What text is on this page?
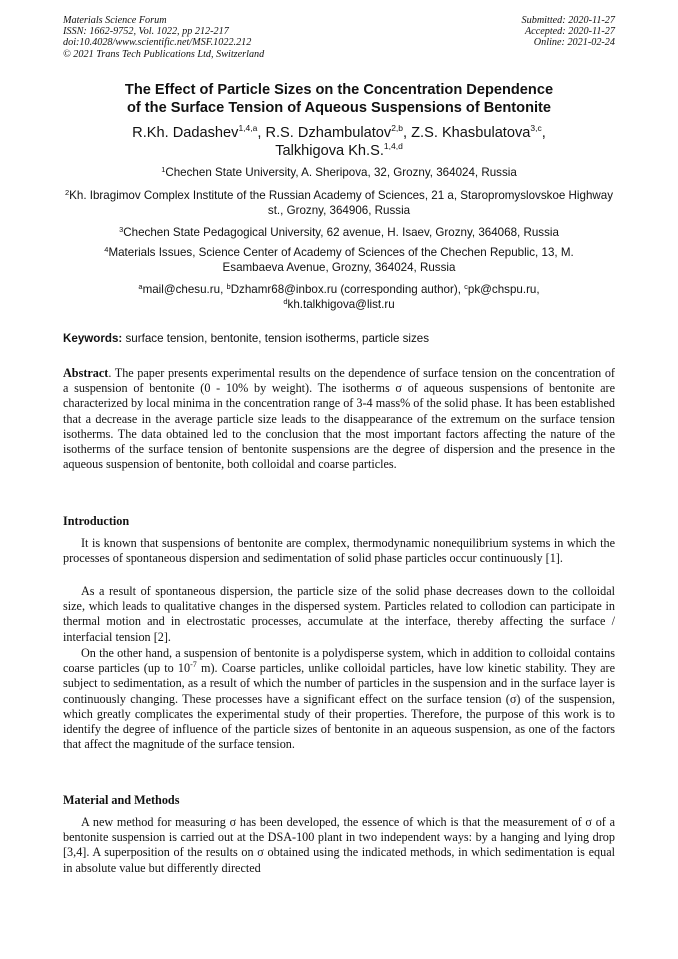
Materials Science Forum
ISSN: 1662-9752, Vol. 1022, pp 212-217
doi:10.4028/www.scientific.net/MSF.1022.212
© 2021 Trans Tech Publications Ltd, Switzerland
Submitted: 2020-11-27
Accepted: 2020-11-27
Online: 2021-02-24
The Effect of Particle Sizes on the Concentration Dependence
of the Surface Tension of Aqueous Suspensions of Bentonite
R.Kh. Dadashev$^{1,4,a}$, R.S. Dzhambulatov$^{2,b}$, Z.S. Khasbulatova$^{3,c}$,
Talkhigova Kh.S.$^{1,4,d}$
$^1$Chechen State University, A. Sheripova, 32, Grozny, 364024, Russia
$^2$Kh. Ibragimov Complex Institute of the Russian Academy of Sciences, 21 a, Staropromyslovskoe Highway st., Grozny, 364906, Russia
$^3$Chechen State Pedagogical University, 62 avenue, H. Isaev, Grozny, 364068, Russia
$^4$Materials Issues, Science Center of Academy of Sciences of the Chechen Republic, 13, M. Esambaeva Avenue, Grozny, 364024, Russia
$^a$mail@chesu.ru, $^b$Dzhamr68@inbox.ru (corresponding author), $^c$pk@chspu.ru,
$^d$kh.talkhigova@list.ru
Keywords: surface tension, bentonite, tension isotherms, particle sizes
Abstract. The paper presents experimental results on the dependence of surface tension on the concentration of a suspension of bentonite (0 - 10% by weight). The isotherms σ of aqueous suspensions of bentonite are characterized by local minima in the concentration range of 3-4 mass% of the solid phase. It has been established that a decrease in the average particle size leads to the disappearance of the extremum on the surface tension isotherms. The data obtained led to the conclusion that the most important factors affecting the nature of the isotherms of the surface tension of bentonite suspensions are the degree of dispersion and the presence in the aqueous suspension of bentonite, both colloidal and coarse particles.
Introduction
It is known that suspensions of bentonite are complex, thermodynamic nonequilibrium systems in which the processes of spontaneous dispersion and sedimentation of solid phase particles occur continuously [1].
As a result of spontaneous dispersion, the particle size of the solid phase decreases down to the colloidal size, which leads to qualitative changes in the dispersed system. Particles related to collodion can participate in thermal motion and in electrostatic processes, accumulate at the interface, thereby affecting the surface / interfacial tension [2].
On the other hand, a suspension of bentonite is a polydisperse system, which in addition to colloidal contains coarse particles (up to $10^{-7}$ m). Coarse particles, unlike colloidal particles, have low kinetic stability. They are subject to sedimentation, as a result of which the number of particles in the suspension and in the surface layer is continuously changing. These processes have a significant effect on the surface tension (σ) of the suspension, which greatly complicates the experimental study of their properties. Therefore, the purpose of this work is to identify the degree of influence of the particle sizes of bentonite in an aqueous suspension, as one of the factors that affect the magnitude of the surface tension.
Material and Methods
A new method for measuring σ has been developed, the essence of which is that the measurement of σ of a bentonite suspension is carried out at the DSA-100 plant in two independent ways: by a hanging and lying drop [3,4]. A superposition of the results on σ obtained using the indicated methods, in which sedimentation is equal in absolute value but differently directed
